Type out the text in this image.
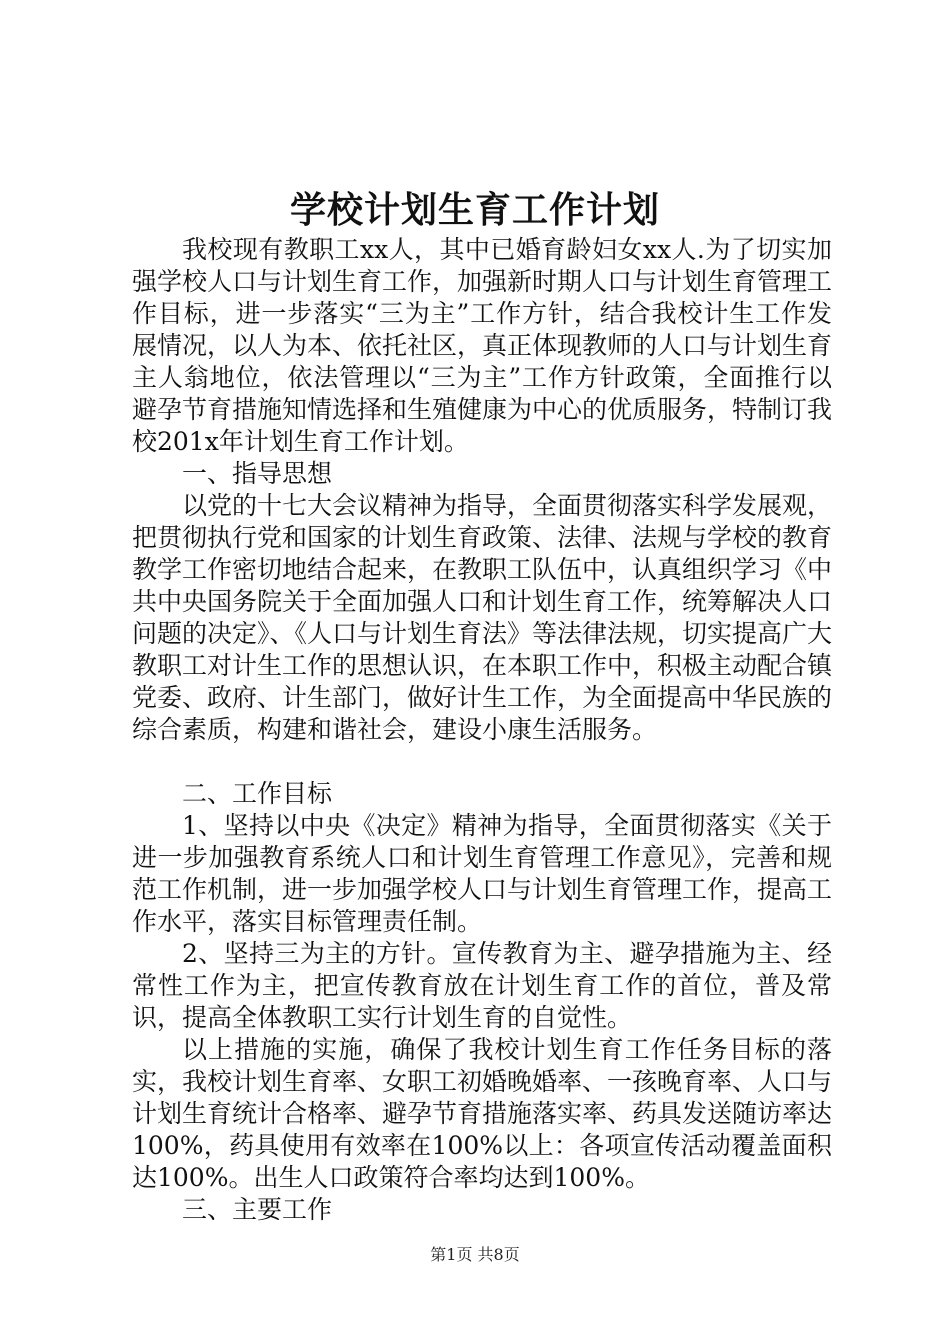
学校计划生育工作计划

我校现有教职工xx人，其中已婚育龄妇女xx人.为了切实加强学校人口与计划生育工作，加强新时期人口与计划生育管理工作目标，进一步落实“三为主”工作方针，结合我校计生工作发展情况，以人为本、依托社区，真正体现教师的人口与计划生育主人翁地位，依法管理以“三为主”工作方针政策，全面推行以避孕节育措施知情选择和生殖健康为中心的优质服务，特制订我校201x年计划生育工作计划。

一、指导思想

以党的十七大会议精神为指导，全面贯彻落实科学发展观，把贯彻执行党和国家的计划生育政策、法律、法规与学校的教育教学工作密切地结合起来，在教职工队伍中，认真组织学习《中共中央国务院关于全面加强人口和计划生育工作，统筹解决人口问题的决定》、《人口与计划生育法》等法律法规，切实提高广大教职工对计生工作的思想认识，在本职工作中，积极主动配合镇党委、政府、计生部门，做好计生工作，为全面提高中华民族的综合素质，构建和谐社会，建设小康生活服务。

二、工作目标

1、坚持以中央《决定》精神为指导，全面贯彻落实《关于进一步加强教育系统人口和计划生育管理工作意见》，完善和规范工作机制，进一步加强学校人口与计划生育管理工作，提高工作水平，落实目标管理责任制。

2、坚持三为主的方针。宣传教育为主、避孕措施为主、经常性工作为主，把宣传教育放在计划生育工作的首位，普及常识，提高全体教职工实行计划生育的自觉性。

以上措施的实施，确保了我校计划生育工作任务目标的落实，我校计划生育率、女职工初婚晚婚率、一孩晚育率、人口与计划生育统计合格率、避孕节育措施落实率、药具发送随访率达100%，药具使用有效率在100%以上：各项宣传活动覆盖面积达100%。出生人口政策符合率均达到100%。

三、主要工作

第1页 共8页
